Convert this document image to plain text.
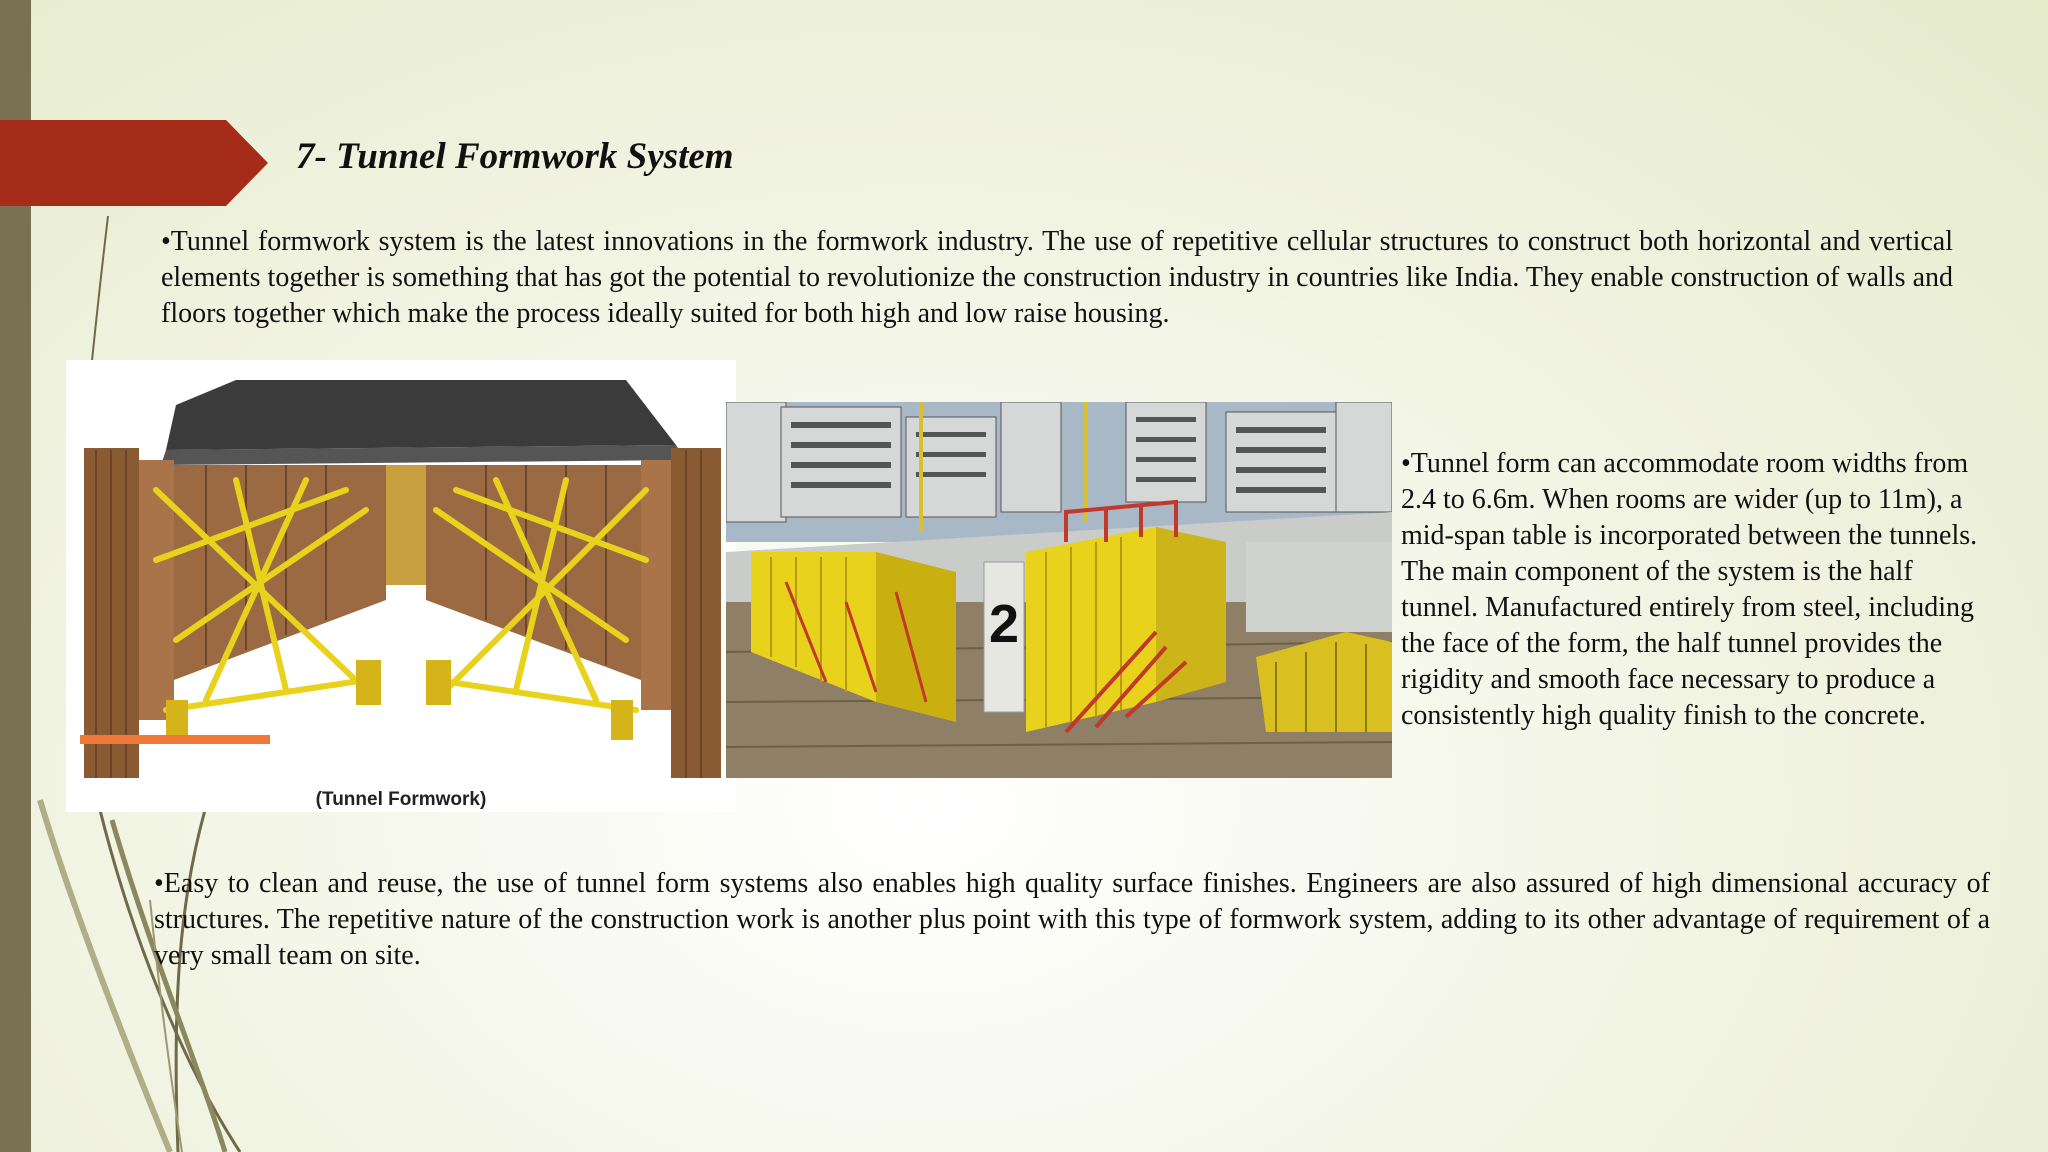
7- Tunnel Formwork System

•Tunnel formwork system is the latest innovations in the formwork industry. The use of repetitive cellular structures to construct both horizontal and vertical elements together is something that has got the potential to revolutionize the construction industry in countries like India. They enable construction of walls and floors together which make the process ideally suited for both high and low raise housing.

(Tunnel Formwork)
2

•Tunnel form can accommodate room widths from 2.4 to 6.6m. When rooms are wider (up to 11m), a mid-span table is incorporated between the tunnels. The main component of the system is the half tunnel. Manufactured entirely from steel, including the face of the form, the half tunnel provides the rigidity and smooth face necessary to produce a consistently high quality finish to the concrete.

•Easy to clean and reuse, the use of tunnel form systems also enables high quality surface finishes. Engineers are also assured of high dimensional accuracy of structures. The repetitive nature of the construction work is another plus point with this type of formwork system, adding to its other advantage of requirement of a very small team on site.
